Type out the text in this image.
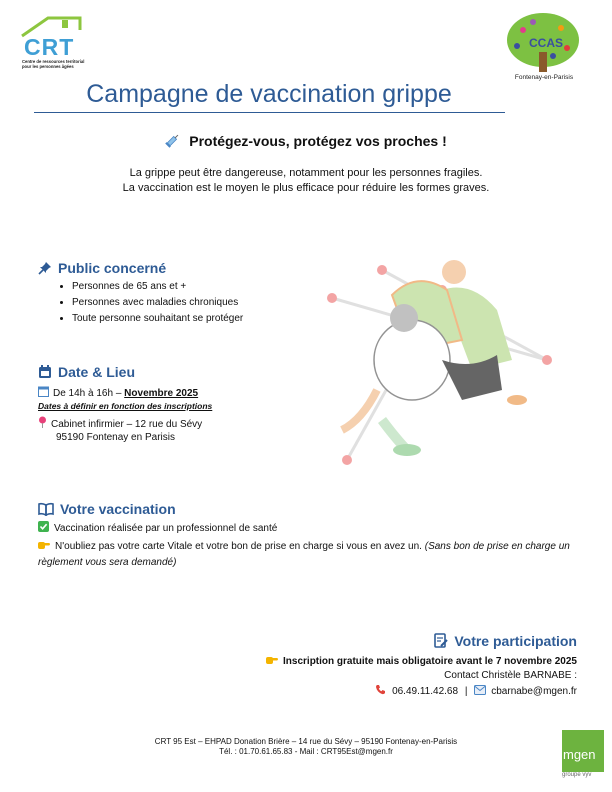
CRT
Centre de ressources territorial pour les personnes âgées
CCAS
Fontenay-en-Parisis
Campagne de vaccination grippe
Protégez-vous, protégez vos proches !
La grippe peut être dangereuse, notamment pour les personnes fragiles.
La vaccination est le moyen le plus efficace pour réduire les formes graves.
Public concerné
• Personnes de 65 ans et +
• Personnes avec maladies chroniques
• Toute personne souhaitant se protéger
Date & Lieu
De 14h à 16h – Novembre 2025
Dates à définir en fonction des inscriptions
Cabinet infirmier – 12 rue du Sévy
95190 Fontenay en Parisis
Votre vaccination
Vaccination réalisée par un professionnel de santé
N'oubliez pas votre carte Vitale et votre bon de prise en charge si vous en avez un. (Sans bon de prise en charge un règlement vous sera demandé)
Votre participation
Inscription gratuite mais obligatoire avant le 7 novembre 2025
Contact Christèle BARNABE :
06.49.11.42.68 | cbarnabe@mgen.fr
CRT 95 Est – EHPAD Donation Brière – 14 rue du Sévy – 95190 Fontenay-en-Parisis
Tél. : 01.70.61.65.83 - Mail : CRT95Est@mgen.fr	mgen
groupe vyv
